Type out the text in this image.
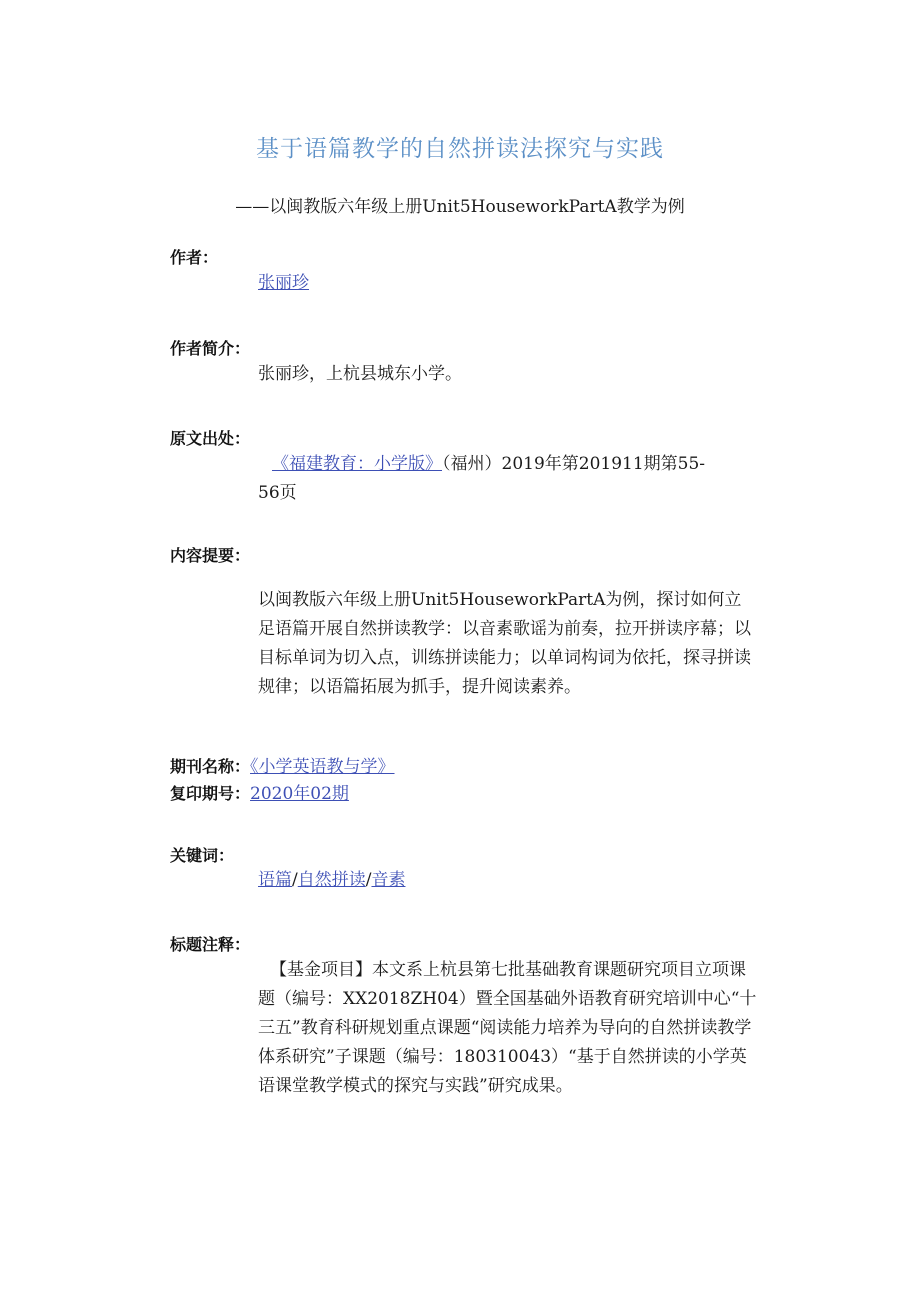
基于语篇教学的自然拼读法探究与实践
——以闽教版六年级上册Unit5HouseworkPartA教学为例
作者：
张丽珍
作者简介：
张丽珍，上杭县城东小学。
原文出处：
《福建教育：小学版》（福州）2019年第201911期第55-
56页
内容提要：
以闽教版六年级上册Unit5HouseworkPartA为例，探讨如何立足语篇开展自然拼读教学：以音素歌谣为前奏，拉开拼读序幕；以目标单词为切入点，训练拼读能力；以单词构词为依托，探寻拼读规律；以语篇拓展为抓手，提升阅读素养。
期刊名称：《小学英语教与学》
复印期号：2020年02期
关键词：
语篇/自然拼读/音素
标题注释：
【基金项目】本文系上杭县第七批基础教育课题研究项目立项课题（编号：XX2018ZH04）暨全国基础外语教育研究培训中心“十三五”教育科研规划重点课题“阅读能力培养为导向的自然拼读教学体系研究”子课题（编号：180310043）“基于自然拼读的小学英语课堂教学模式的探究与实践”研究成果。
